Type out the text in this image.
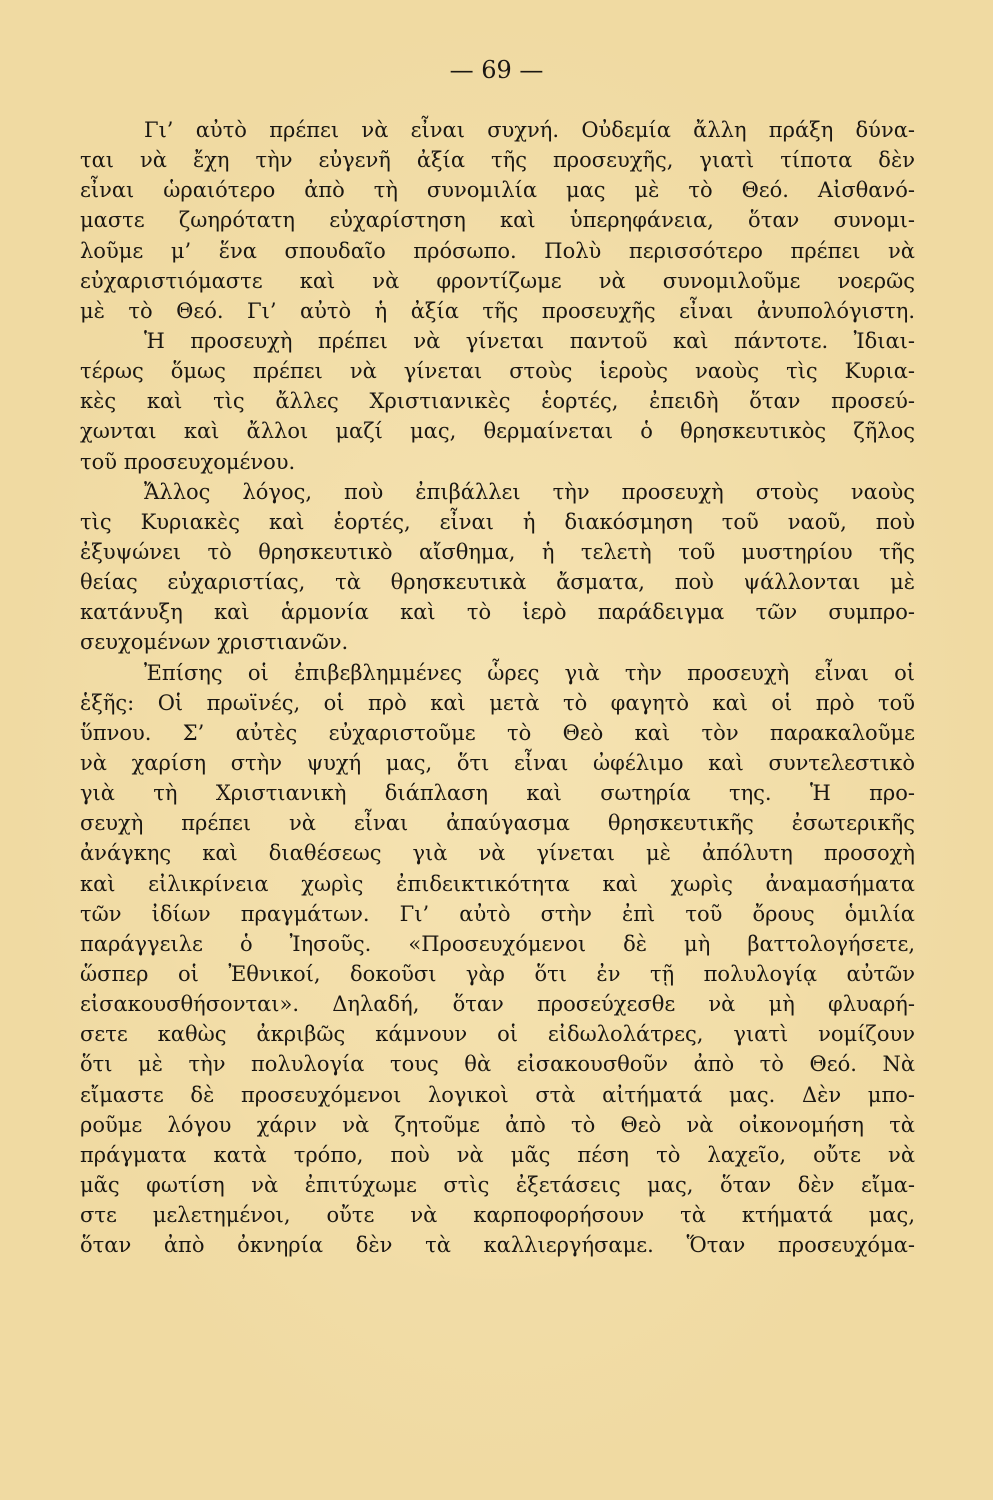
— 69 —
Γι’ αὐτὸ πρέπει νὰ εἶναι συχνή. Οὐδεμία ἄλλη πράξη δύνα-
ται νὰ ἔχη τὴν εὐγενῆ ἀξία τῆς προσευχῆς, γιατὶ τίποτα δὲν
εἶναι ὡραιότερο ἀπὸ τὴ συνομιλία μας μὲ τὸ Θεό. Αἰσθανό-
μαστε ζωηρότατη εὐχαρίστηση καὶ ὑπερηφάνεια, ὅταν συνομι-
λοῦμε μ’ ἕνα σπουδαῖο πρόσωπο. Πολὺ περισσότερο πρέπει νὰ
εὐχαριστιόμαστε καὶ νὰ φροντίζωμε νὰ συνομιλοῦμε νοερῶς
μὲ τὸ Θεό. Γι’ αὐτὸ ἡ ἀξία τῆς προσευχῆς εἶναι ἀνυπολόγιστη.
Ἡ προσευχὴ πρέπει νὰ γίνεται παντοῦ καὶ πάντοτε. Ἰδιαι-
τέρως ὅμως πρέπει νὰ γίνεται στοὺς ἱεροὺς ναοὺς τὶς Κυρια-
κὲς καὶ τὶς ἄλλες Χριστιανικὲς ἑορτές, ἐπειδὴ ὅταν προσεύ-
χωνται καὶ ἄλλοι μαζί μας, θερμαίνεται ὁ θρησκευτικὸς ζῆλος
τοῦ προσευχομένου.
Ἄλλος λόγος, ποὺ ἐπιβάλλει τὴν προσευχὴ στοὺς ναοὺς
τὶς Κυριακὲς καὶ ἑορτές, εἶναι ἡ διακόσμηση τοῦ ναοῦ, ποὺ
ἐξυψώνει τὸ θρησκευτικὸ αἴσθημα, ἡ τελετὴ τοῦ μυστηρίου τῆς
θείας εὐχαριστίας, τὰ θρησκευτικὰ ἄσματα, ποὺ ψάλλονται μὲ
κατάνυξη καὶ ἁρμονία καὶ τὸ ἱερὸ παράδειγμα τῶν συμπρο-
σευχομένων χριστιανῶν.
Ἐπίσης οἱ ἐπιβεβλημμένες ὧρες γιὰ τὴν προσευχὴ εἶναι οἱ
ἑξῆς: Οἱ πρωϊνές, οἱ πρὸ καὶ μετὰ τὸ φαγητὸ καὶ οἱ πρὸ τοῦ
ὕπνου. Σ’ αὐτὲς εὐχαριστοῦμε τὸ Θεὸ καὶ τὸν παρακαλοῦμε
νὰ χαρίση στὴν ψυχή μας, ὅτι εἶναι ὠφέλιμο καὶ συντελεστικὸ
γιὰ τὴ Χριστιανικὴ διάπλαση καὶ σωτηρία της. Ἡ προ-
σευχὴ πρέπει νὰ εἶναι ἀπαύγασμα θρησκευτικῆς ἐσωτερικῆς
ἀνάγκης καὶ διαθέσεως γιὰ νὰ γίνεται μὲ ἀπόλυτη προσοχὴ
καὶ εἰλικρίνεια χωρὶς ἐπιδεικτικότητα καὶ χωρὶς ἀναμασήματα
τῶν ἰδίων πραγμάτων. Γι’ αὐτὸ στὴν ἐπὶ τοῦ ὄρους ὁμιλία
παράγγειλε ὁ Ἰησοῦς. «Προσευχόμενοι δὲ μὴ βαττολογήσετε,
ὥσπερ οἱ Ἐθνικοί, δοκοῦσι γὰρ ὅτι ἐν τῇ πολυλογίᾳ αὐτῶν
εἰσακουσθήσονται». Δηλαδή, ὅταν προσεύχεσθε νὰ μὴ φλυαρή-
σετε καθὼς ἀκριβῶς κάμνουν οἱ εἰδωλολάτρες, γιατὶ νομίζουν
ὅτι μὲ τὴν πολυλογία τους θὰ εἰσακουσθοῦν ἀπὸ τὸ Θεό. Νὰ
εἴμαστε δὲ προσευχόμενοι λογικοὶ στὰ αἰτήματά μας. Δὲν μπο-
ροῦμε λόγου χάριν νὰ ζητοῦμε ἀπὸ τὸ Θεὸ νὰ οἰκονομήση τὰ
πράγματα κατὰ τρόπο, ποὺ νὰ μᾶς πέση τὸ λαχεῖο, οὔτε νὰ
μᾶς φωτίση νὰ ἐπιτύχωμε στὶς ἐξετάσεις μας, ὅταν δὲν εἴμα-
στε μελετημένοι, οὔτε νὰ καρποφορήσουν τὰ κτήματά μας,
ὅταν ἀπὸ ὀκνηρία δὲν τὰ καλλιεργήσαμε. Ὅταν προσευχόμα-
